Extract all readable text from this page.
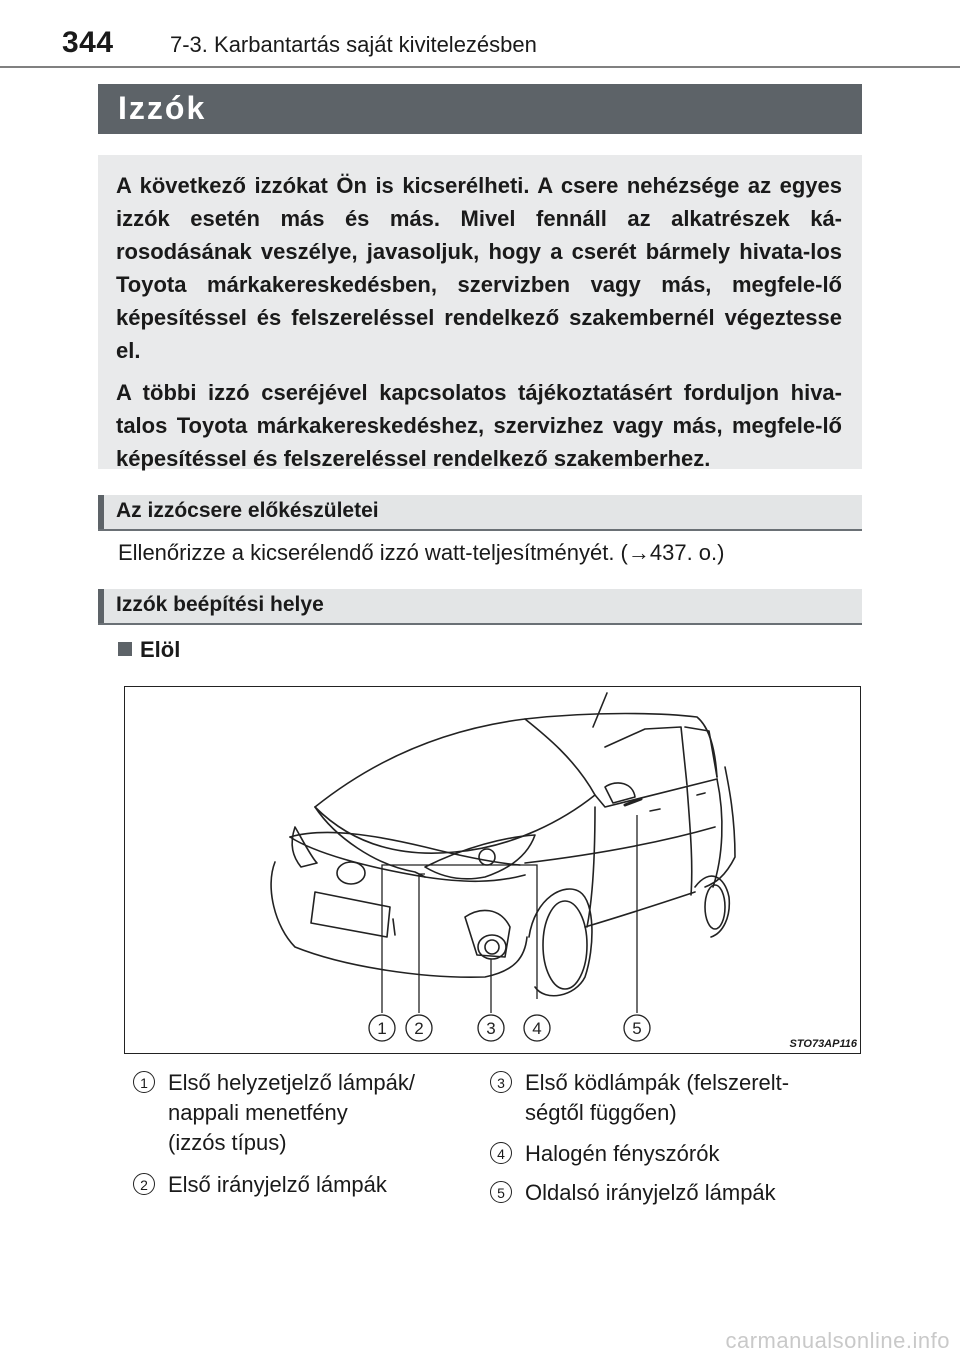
344	7-3. Karbantartás saját kivitelezésben
Izzók

A következő izzókat Ön is kicserélheti. A csere nehézsége az egyes izzók esetén más és más. Mivel fennáll az alkatrészek ká-rosodásának veszélye, javasoljuk, hogy a cserét bármely hivata-los Toyota márkakereskedésben, szervizben vagy más, megfele-lő képesítéssel és felszereléssel rendelkező szakembernél végeztesse el.

A többi izzó cseréjével kapcsolatos tájékoztatásért forduljon hiva-talos Toyota márkakereskedéshez, szervizhez vagy más, megfele-lő képesítéssel és felszereléssel rendelkező szakemberhez.

Az izzócsere előkészületei
Ellenőrizze a kicserélendő izzó watt-teljesítményét. (→437. o.)
Izzók beépítési helye
Elöl
1 2	3 4	5
STO73AP116
1 Első helyzetjelző lámpák/
nappali menetfény
(izzós típus)
2 Első irányjelző lámpák
3 Első ködlámpák (felszerelt-
ségtől függően)
4 Halogén fényszórók
5 Oldalsó irányjelző lámpák
carmanualsonline.info
